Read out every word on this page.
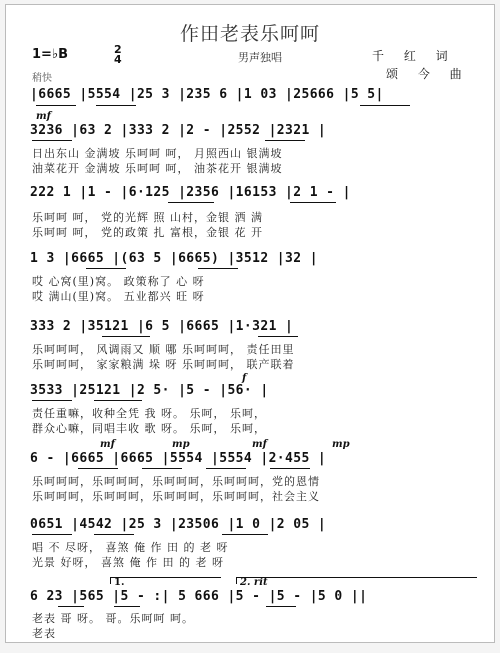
作田老表乐呵呵
1=♭B	2
4
稍快
男声独唱	千 红 词
颂 今 曲
|6665 |5554 |25 3 |235 6 |1 03 |25666 |5 5|
mf
3236 |63 2 |333 2 |2 - |2552 |2321 |
日出东山 金满坡 乐呵呵 呵， 月照西山 银满坡
油菜花开 金满坡 乐呵呵 呵， 油茶花开 银满坡
222 1 |1 - |6·125 |2356 |16153 |2 1 - |
乐呵呵 呵， 党的光辉 照 山村，金银 洒 满
乐呵呵 呵， 党的政策 扎 富根，金银 花 开
1 3 |6665 |(63 5 |6665) |3512 |32 |
哎 心窝(里)窝。 政策称了 心 呀
哎 满山(里)窝。 五业都兴 旺 呀
333 2 |35121 |6 5 |6665 |1·321 |
乐呵呵呵， 风调雨又 顺 哪 乐呵呵呵， 责任田里
乐呵呵呵， 家家粮满 垛 呀 乐呵呵呵， 联产联着
f
3533 |25121 |2 5· |5 - |56· |
责任重嘛，收种全凭 我 呀。 乐呵， 乐呵，
群众心嘛，同唱丰收 歌 呀。 乐呵， 乐呵，
mf	mp	mf	mp
6 - |6665 |6665 |5554 |5554 |2·455 |
乐呵呵呵，乐呵呵呵，乐呵呵呵，乐呵呵呵，党的恩情
乐呵呵呵，乐呵呵呵，乐呵呵呵，乐呵呵呵，社会主义
0651 |4542 |25 3 |23506 |1 0 |2 05 |
唱 不 尽呀， 喜煞 俺 作 田 的 老 呀
光景 好呀， 喜煞 俺 作 田 的 老 呀
1.	2. rit
6 23 |565 |5 - :| 5 666 |5 - |5 - |5 0 ||
老表 哥 呀。 哥。乐呵呵 呵。
老表
